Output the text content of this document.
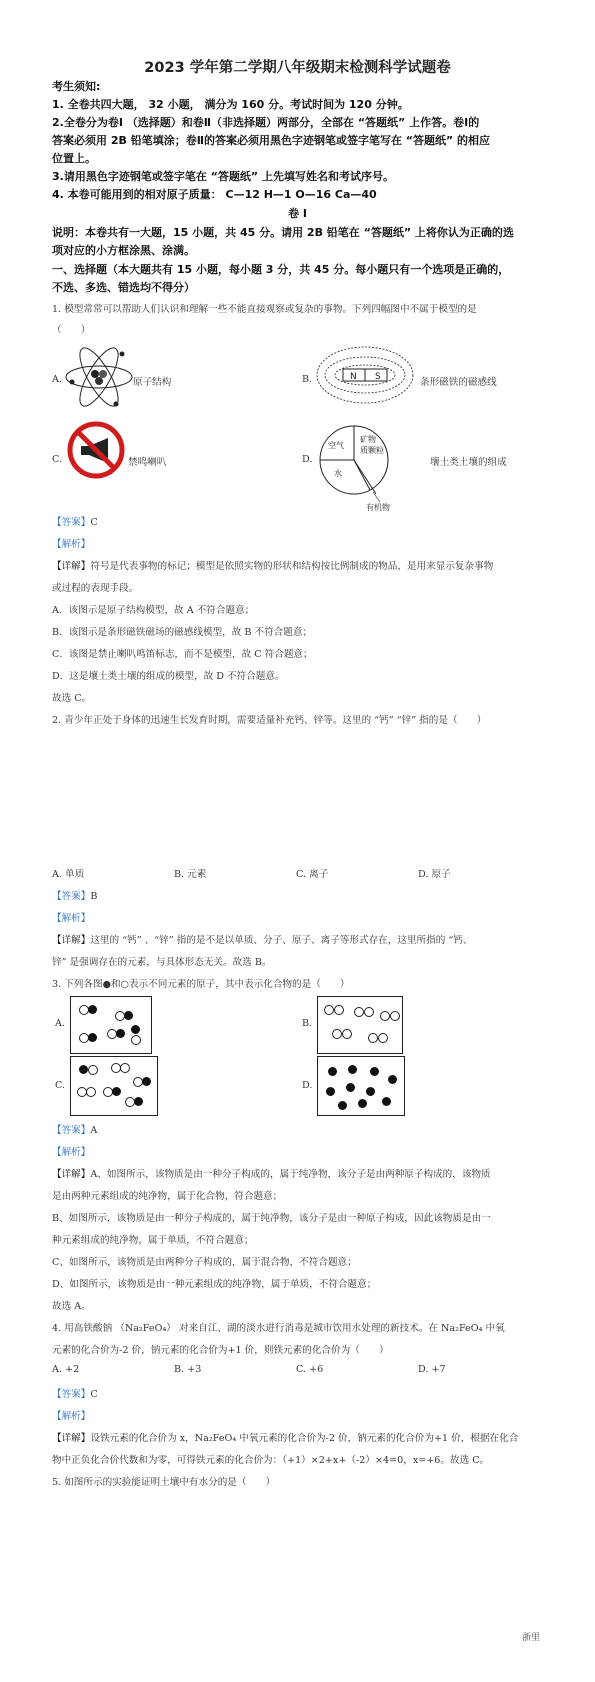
2023 学年第二学期八年级期末检测科学试题卷
考生须知:
1. 全卷共四大题， 32 小题， 满分为 160 分。考试时间为 120 分钟。
2.全卷分为卷Ⅰ （选择题）和卷Ⅱ（非选择题）两部分，全部在 “答题纸” 上作答。卷Ⅰ的
答案必须用 2B 铅笔填涂；卷Ⅱ的答案必须用黑色字迹钢笔或签字笔写在 “答题纸” 的相应
位置上。
3.请用黑色字迹钢笔或签字笔在 “答题纸” 上先填写姓名和考试序号。
4. 本卷可能用到的相对原子质量： C—12 H—1 O—16 Ca—40
卷 Ⅰ
说明：本卷共有一大题，15 小题，共 45 分。请用 2B 铅笔在 “答题纸” 上将你认为正确的选
项对应的小方框涂黑、涂满。
一、选择题（本大题共有 15 小题，每小题 3 分，共 45 分。每小题只有一个选项是正确的，
不选、多选、错选均不得分）
1. 模型常常可以帮助人们认识和理解一些不能直接观察或复杂的事物。下列四幅图中不属于模型的是
（　　）
A.	原子结构	B.	N S	条形磁铁的磁感线
C.	禁鸣喇叭	D.
空气
矿物
质颗粒
水
有机物
壤土类土壤的组成
【答案】C
【解析】
【详解】符号是代表事物的标记；模型是依照实物的形状和结构按比例制成的物品，是用来显示复杂事物
或过程的表现手段。
A．该图示是原子结构模型，故 A 不符合题意；
B．该图示是条形磁铁磁场的磁感线模型，故 B 不符合题意；
C．该图是禁止喇叭鸣笛标志，而不是模型，故 C 符合题意；
D．这是壤土类土壤的组成的模型，故 D 不符合题意。
故选 C。
2. 青少年正处于身体的迅速生长发育时期，需要适量补充钙、锌等。这里的 “钙” “锌” 指的是（　　）
A. 单质	B. 元素	C. 离子	D. 原子
【答案】B
【解析】
【详解】这里的 “钙” 、“锌” 指的是不是以单质、分子、原子、离子等形式存在，这里所指的 “钙、
锌” 是强调存在的元素，与具体形态无关。故选 B。
3. 下列各图●和○表示不同元素的原子，其中表示化合物的是（　　）
A.	B.
C.	D.
【答案】A
【解析】
【详解】A、如图所示，该物质是由一种分子构成的，属于纯净物，该分子是由两种原子构成的，该物质
是由两种元素组成的纯净物，属于化合物，符合题意；
B、如图所示，该物质是由一种分子构成的，属于纯净物，该分子是由一种原子构成，因此该物质是由一
种元素组成的纯净物，属于单质，不符合题意；
C、如图所示，该物质是由两种分子构成的，属于混合物，不符合题意；
D、如图所示，该物质是由一种元素组成的纯净物，属于单质，不符合题意；
故选 A。
4. 用高铁酸钠 （Na₂FeO₄） 对来自江、湖的淡水进行消毒是城市饮用水处理的新技术。在 Na₂FeO₄ 中氧
元素的化合价为-2 价，钠元素的化合价为+1 价，则铁元素的化合价为（　　）
A. +2	B. +3	C. +6	D. +7
【答案】C
【解析】
【详解】设铁元素的化合价为 x，Na₂FeO₄ 中氧元素的化合价为-2 价，钠元素的化合价为+1 价，根据在化合
物中正负化合价代数和为零，可得铁元素的化合价为：（+1）×2+x+（-2）×4=0，x=+6。故选 C。
5. 如图所示的实验能证明土壤中有水分的是（　　）
浙里
